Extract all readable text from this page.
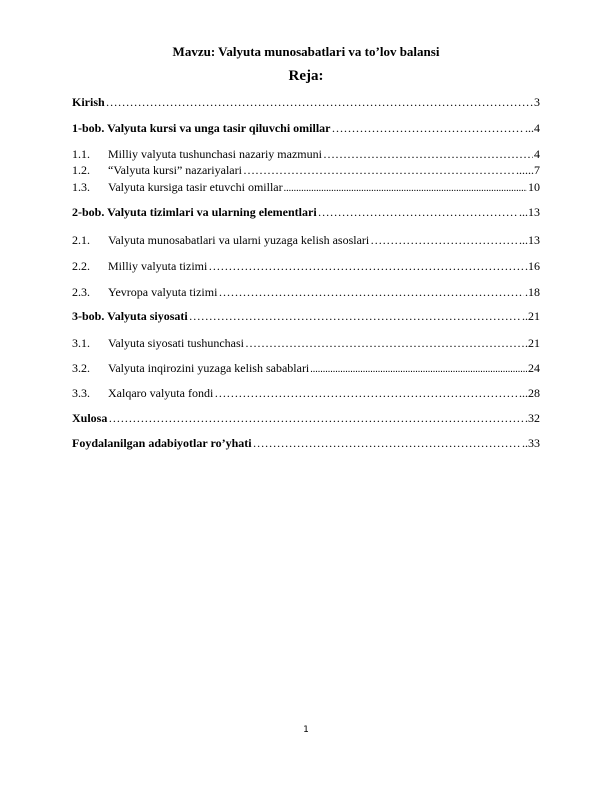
Mavzu: Valyuta munosabatlari va to’lov balansi
Reja:
Kirish ……………………………………………………………………………………………………………………………………………………………………	3
1-bob. Valyuta kursi va unga tasir qiluvchi omillar ……………………………………………………………………………………………………………………………………………………………………	...4
1.1.	Milliy valyuta tushunchasi nazariy mazmuni ……………………………………………………………………………………………………………………………………………………………………	4
1.2.	“Valyuta kursi” nazariyalari ……………………………………………………………………………………………………………………………………………………………………	......7
1.3.	Valyuta kursiga tasir etuvchi omillar .....	10
2-bob. Valyuta tizimlari va ularning elementlari ……………………………………………………………………………………………………………………………………………………………………	...13
2.1.	Valyuta munosabatlari va ularni yuzaga kelish asoslari ……………………………………………………………………………………………………………………………………………………………………	...13
2.2.	Milliy valyuta tizimi ……………………………………………………………………………………………………………………………………………………………………	.16
2.3.	Yevropa valyuta tizimi ……………………………………………………………………………………………………………………………………………………………………	.18
3-bob. Valyuta siyosati ……………………………………………………………………………………………………………………………………………………………………	..21
3.1.	Valyuta siyosati tushunchasi ……………………………………………………………………………………………………………………………………………………………………	.21
3.2.	Valyuta inqirozini yuzaga kelish sabablari .....	24
3.3.	Xalqaro valyuta fondi ……………………………………………………………………………………………………………………………………………………………………	...28
Xulosa ……………………………………………………………………………………………………………………………………………………………………	.32
Foydalanilgan adabiyotlar ro’yhati ……………………………………………………………………………………………………………………………………………………………………	..33
1
